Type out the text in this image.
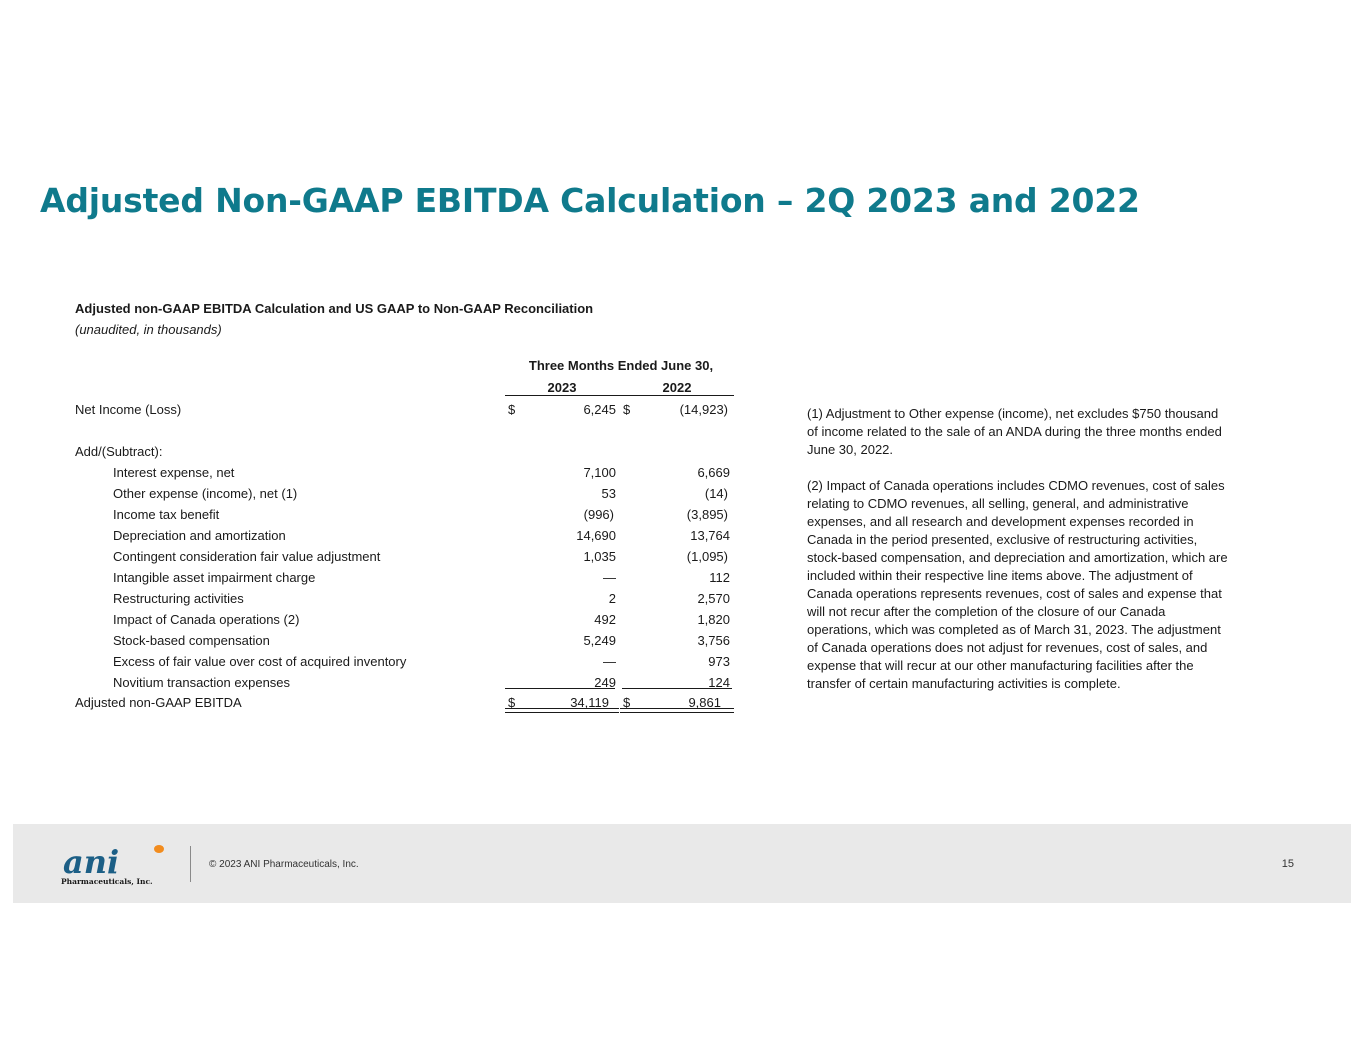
Adjusted Non-GAAP EBITDA Calculation – 2Q 2023 and 2022
Adjusted non-GAAP EBITDA Calculation and US GAAP to Non-GAAP Reconciliation
(unaudited, in thousands)
Three Months Ended June 30,
2023	2022
Net Income (Loss)	$	6,245 $	(14,923)
Add/(Subtract):
Interest expense, net	7,100	6,669
Other expense (income), net (1)	53	(14)
Income tax benefit	(996)	(3,895)
Depreciation and amortization	14,690	13,764
Contingent consideration fair value adjustment	1,035	(1,095)
Intangible asset impairment charge	—	112
Restructuring activities	2	2,570
Impact of Canada operations (2)	492	1,820
Stock-based compensation	5,249	3,756
Excess of fair value over cost of acquired inventory	—	973
Novitium transaction expenses	249	124
Adjusted non-GAAP EBITDA	$	34,119 $	9,861

(1) Adjustment to Other expense (income), net excludes $750 thousand of income related to the sale of an ANDA during the three months ended June 30, 2022.

(2) Impact of Canada operations includes CDMO revenues, cost of sales relating to CDMO revenues, all selling, general, and administrative expenses, and all research and development expenses recorded in Canada in the period presented, exclusive of restructuring activities, stock-based compensation, and depreciation and amortization, which are included within their respective line items above. The adjustment of Canada operations represents revenues, cost of sales and expense that will not recur after the completion of the closure of our Canada operations, which was completed as of March 31, 2023. The adjustment of Canada operations does not adjust for revenues, cost of sales, and expense that will recur at our other manufacturing facilities after the transfer of certain manufacturing activities is complete.

ani
Pharmaceuticals, Inc.
© 2023 ANI Pharmaceuticals, Inc.	15
